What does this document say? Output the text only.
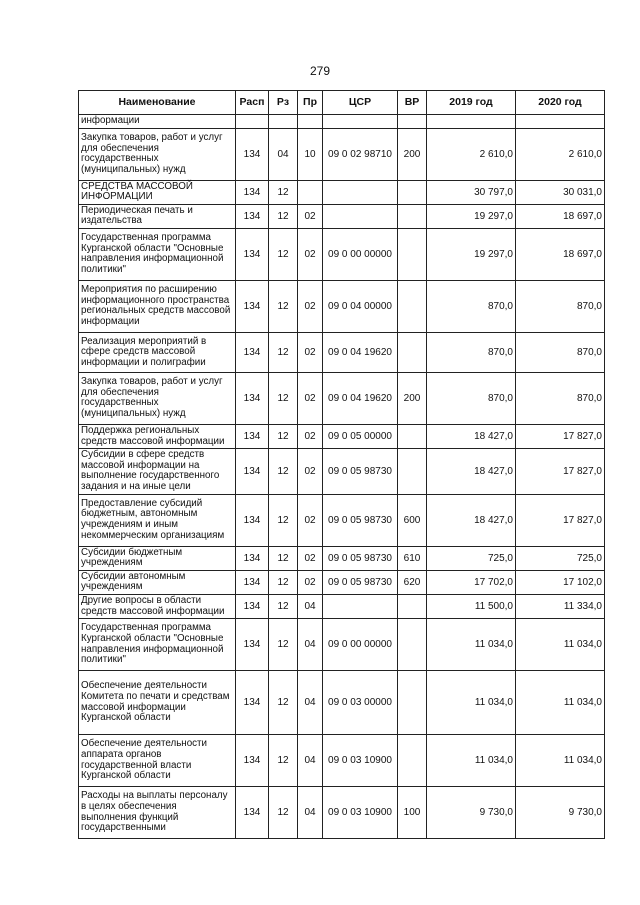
279
Наименование	Расп	Рз	Пр	ЦСР	ВР	2019 год	2020 год
информации							
Закупка товаров, работ и услуг для обеспечения государственных (муниципальных) нужд	134	04	10	09 0 02 98710	200	2 610,0	2 610,0
СРЕДСТВА МАССОВОЙ ИНФОРМАЦИИ	134	12				30 797,0	30 031,0
Периодическая печать и издательства	134	12	02			19 297,0	18 697,0
Государственная программа Курганской области "Основные направления информационной политики"	134	12	02	09 0 00 00000		19 297,0	18 697,0
Мероприятия по расширению информационного пространства региональных средств массовой информации	134	12	02	09 0 04 00000		870,0	870,0
Реализация мероприятий в сфере средств массовой информации и полиграфии	134	12	02	09 0 04 19620		870,0	870,0
Закупка товаров, работ и услуг для обеспечения государственных (муниципальных) нужд	134	12	02	09 0 04 19620	200	870,0	870,0
Поддержка региональных средств массовой информации	134	12	02	09 0 05 00000		18 427,0	17 827,0
Субсидии в сфере средств массовой информации на выполнение государственного задания и на иные цели	134	12	02	09 0 05 98730		18 427,0	17 827,0
Предоставление субсидий бюджетным, автономным учреждениям и иным некоммерческим организациям	134	12	02	09 0 05 98730	600	18 427,0	17 827,0
Субсидии бюджетным учреждениям	134	12	02	09 0 05 98730	610	725,0	725,0
Субсидии автономным учреждениям	134	12	02	09 0 05 98730	620	17 702,0	17 102,0
Другие вопросы в области средств массовой информации	134	12	04			11 500,0	11 334,0
Государственная программа Курганской области "Основные направления информационной политики"	134	12	04	09 0 00 00000		11 034,0	11 034,0
Обеспечение деятельности Комитета по печати и средствам массовой информации Курганской области	134	12	04	09 0 03 00000		11 034,0	11 034,0
Обеспечение деятельности аппарата органов государственной власти Курганской области	134	12	04	09 0 03 10900		11 034,0	11 034,0
Расходы на выплаты персоналу в целях обеспечения выполнения функций государственными	134	12	04	09 0 03 10900	100	9 730,0	9 730,0
